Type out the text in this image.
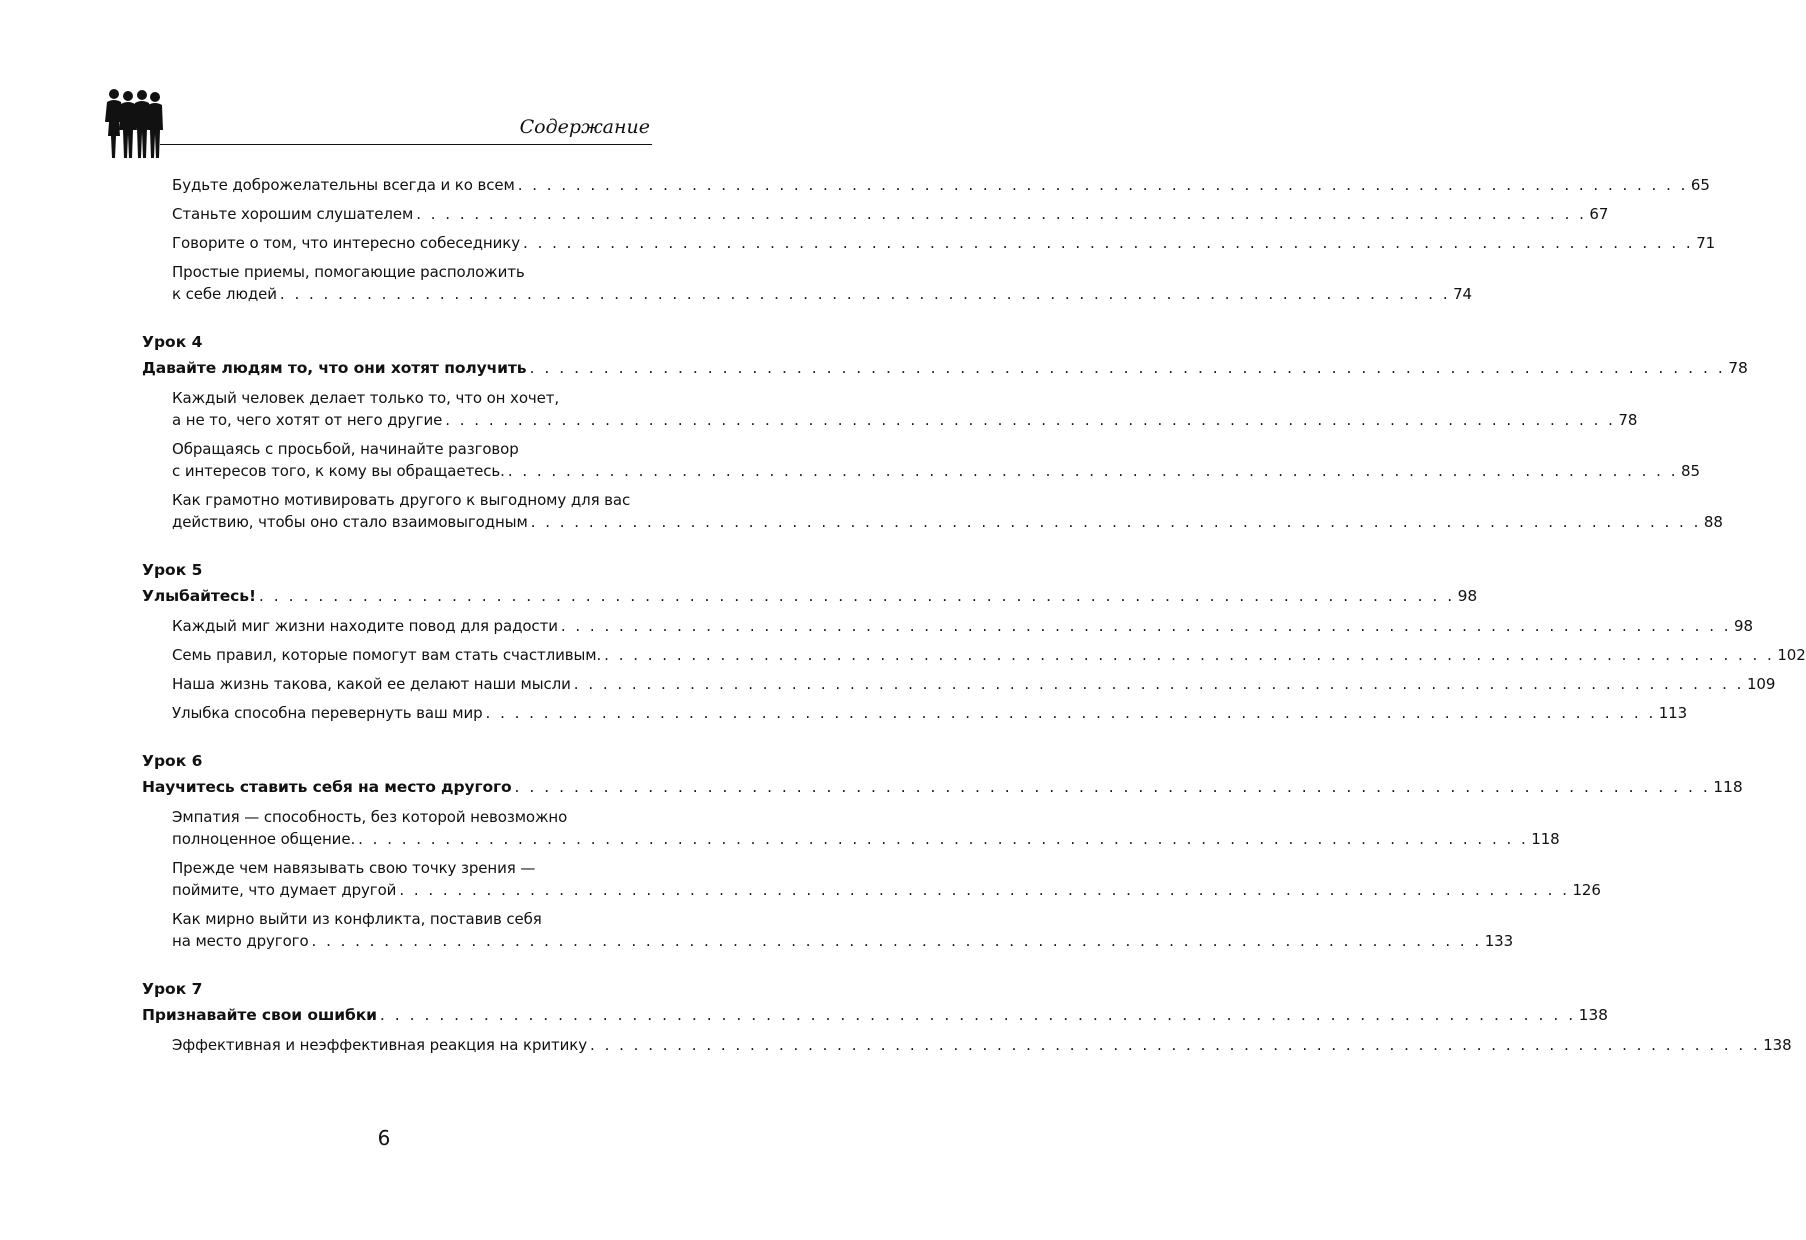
Содержание
Будьте доброжелательны всегда и ко всем . . . . . . . . . . . . . . . . . . . . . . . . . . . . . . . . . . . . . . . . . . . . . . . . . . . . . . . . . . . . . . . . . . . . . . . . . . . . . . . . . 65
Станьте хорошим слушателем . . . . . . . . . . . . . . . . . . . . . . . . . . . . . . . . . . . . . . . . . . . . . . . . . . . . . . . . . . . . . . . . . . . . . . . . . . . . . . . . . 67
Говорите о том, что интересно собеседнику . . . . . . . . . . . . . . . . . . . . . . . . . . . . . . . . . . . . . . . . . . . . . . . . . . . . . . . . . . . . . . . . . . . . . . . . . . . . . . . . . 71
Простые приемы, помогающие расположить
к себе людей . . . . . . . . . . . . . . . . . . . . . . . . . . . . . . . . . . . . . . . . . . . . . . . . . . . . . . . . . . . . . . . . . . . . . . . . . . . . . . . . . 74
Урок 4
Давайте людям то, что они хотят получить . . . . . . . . . . . . . . . . . . . . . . . . . . . . . . . . . . . . . . . . . . . . . . . . . . . . . . . . . . . . . . . . . . . . . . . . . . . . . . . . . 78
Каждый человек делает только то, что он хочет,
а не то, чего хотят от него другие . . . . . . . . . . . . . . . . . . . . . . . . . . . . . . . . . . . . . . . . . . . . . . . . . . . . . . . . . . . . . . . . . . . . . . . . . . . . . . . . . 78
Обращаясь с просьбой, начинайте разговор
с интересов того, к кому вы обращаетесь. . . . . . . . . . . . . . . . . . . . . . . . . . . . . . . . . . . . . . . . . . . . . . . . . . . . . . . . . . . . . . . . . . . . . . . . . . . . . . . . . . 85
Как грамотно мотивировать другого к выгодному для вас
действию, чтобы оно стало взаимовыгодным . . . . . . . . . . . . . . . . . . . . . . . . . . . . . . . . . . . . . . . . . . . . . . . . . . . . . . . . . . . . . . . . . . . . . . . . . . . . . . . . . 88
Урок 5
Улыбайтесь! . . . . . . . . . . . . . . . . . . . . . . . . . . . . . . . . . . . . . . . . . . . . . . . . . . . . . . . . . . . . . . . . . . . . . . . . . . . . . . . . . 98
Каждый миг жизни находите повод для радости . . . . . . . . . . . . . . . . . . . . . . . . . . . . . . . . . . . . . . . . . . . . . . . . . . . . . . . . . . . . . . . . . . . . . . . . . . . . . . . . . 98
Семь правил, которые помогут вам стать счастливым. . . . . . . . . . . . . . . . . . . . . . . . . . . . . . . . . . . . . . . . . . . . . . . . . . . . . . . . . . . . . . . . . . . . . . . . . . . . . . . . . . 102
Наша жизнь такова, какой ее делают наши мысли . . . . . . . . . . . . . . . . . . . . . . . . . . . . . . . . . . . . . . . . . . . . . . . . . . . . . . . . . . . . . . . . . . . . . . . . . . . . . . . . . 109
Улыбка способна перевернуть ваш мир . . . . . . . . . . . . . . . . . . . . . . . . . . . . . . . . . . . . . . . . . . . . . . . . . . . . . . . . . . . . . . . . . . . . . . . . . . . . . . . . . 113
Урок 6
Научитесь ставить себя на место другого . . . . . . . . . . . . . . . . . . . . . . . . . . . . . . . . . . . . . . . . . . . . . . . . . . . . . . . . . . . . . . . . . . . . . . . . . . . . . . . . . 118
Эмпатия — способность, без которой невозможно
полноценное общение. . . . . . . . . . . . . . . . . . . . . . . . . . . . . . . . . . . . . . . . . . . . . . . . . . . . . . . . . . . . . . . . . . . . . . . . . . . . . . . . . . 118
Прежде чем навязывать свою точку зрения —
поймите, что думает другой . . . . . . . . . . . . . . . . . . . . . . . . . . . . . . . . . . . . . . . . . . . . . . . . . . . . . . . . . . . . . . . . . . . . . . . . . . . . . . . . . 126
Как мирно выйти из конфликта, поставив себя
на место другого . . . . . . . . . . . . . . . . . . . . . . . . . . . . . . . . . . . . . . . . . . . . . . . . . . . . . . . . . . . . . . . . . . . . . . . . . . . . . . . . . 133
Урок 7
Признавайте свои ошибки . . . . . . . . . . . . . . . . . . . . . . . . . . . . . . . . . . . . . . . . . . . . . . . . . . . . . . . . . . . . . . . . . . . . . . . . . . . . . . . . . 138
Эффективная и неэффективная реакция на критику . . . . . . . . . . . . . . . . . . . . . . . . . . . . . . . . . . . . . . . . . . . . . . . . . . . . . . . . . . . . . . . . . . . . . . . . . . . . . . . . . 138
6
